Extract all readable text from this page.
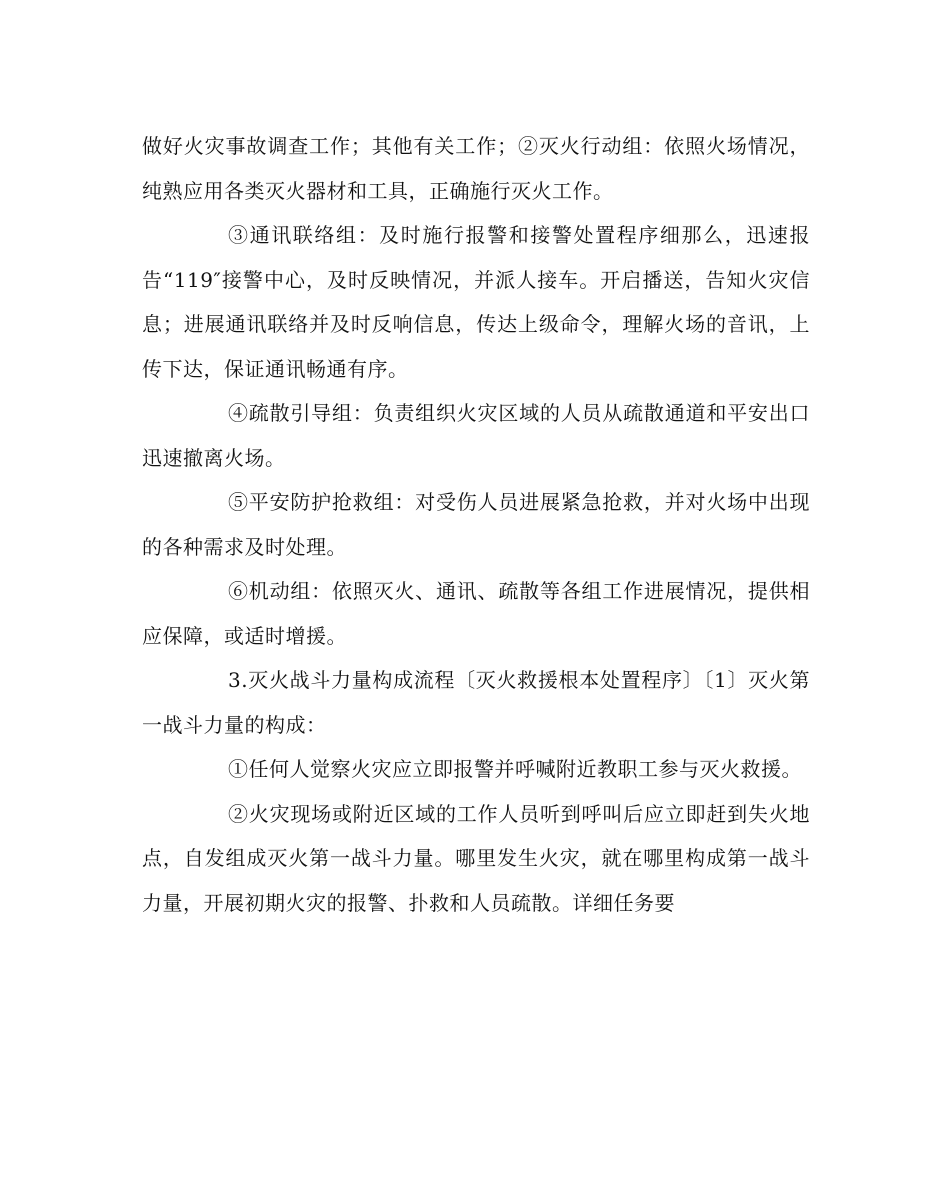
做好火灾事故调查工作；其他有关工作；②灭火行动组：依照火场情况，纯熟应用各类灭火器材和工具，正确施行灭火工作。

③通讯联络组：及时施行报警和接警处置程序细那么，迅速报告“119″接警中心，及时反映情况，并派人接车。开启播送，告知火灾信息；进展通讯联络并及时反响信息，传达上级命令，理解火场的音讯，上传下达，保证通讯畅通有序。

④疏散引导组：负责组织火灾区域的人员从疏散通道和平安出口迅速撤离火场。

⑤平安防护抢救组：对受伤人员进展紧急抢救，并对火场中出现的各种需求及时处理。

⑥机动组：依照灭火、通讯、疏散等各组工作进展情况，提供相应保障，或适时增援。

3.灭火战斗力量构成流程〔灭火救援根本处置程序〕〔1〕灭火第一战斗力量的构成：

①任何人觉察火灾应立即报警并呼喊附近教职工参与灭火救援。

②火灾现场或附近区域的工作人员听到呼叫后应立即赶到失火地点，自发组成灭火第一战斗力量。哪里发生火灾，就在哪里构成第一战斗力量，开展初期火灾的报警、扑救和人员疏散。详细任务要
